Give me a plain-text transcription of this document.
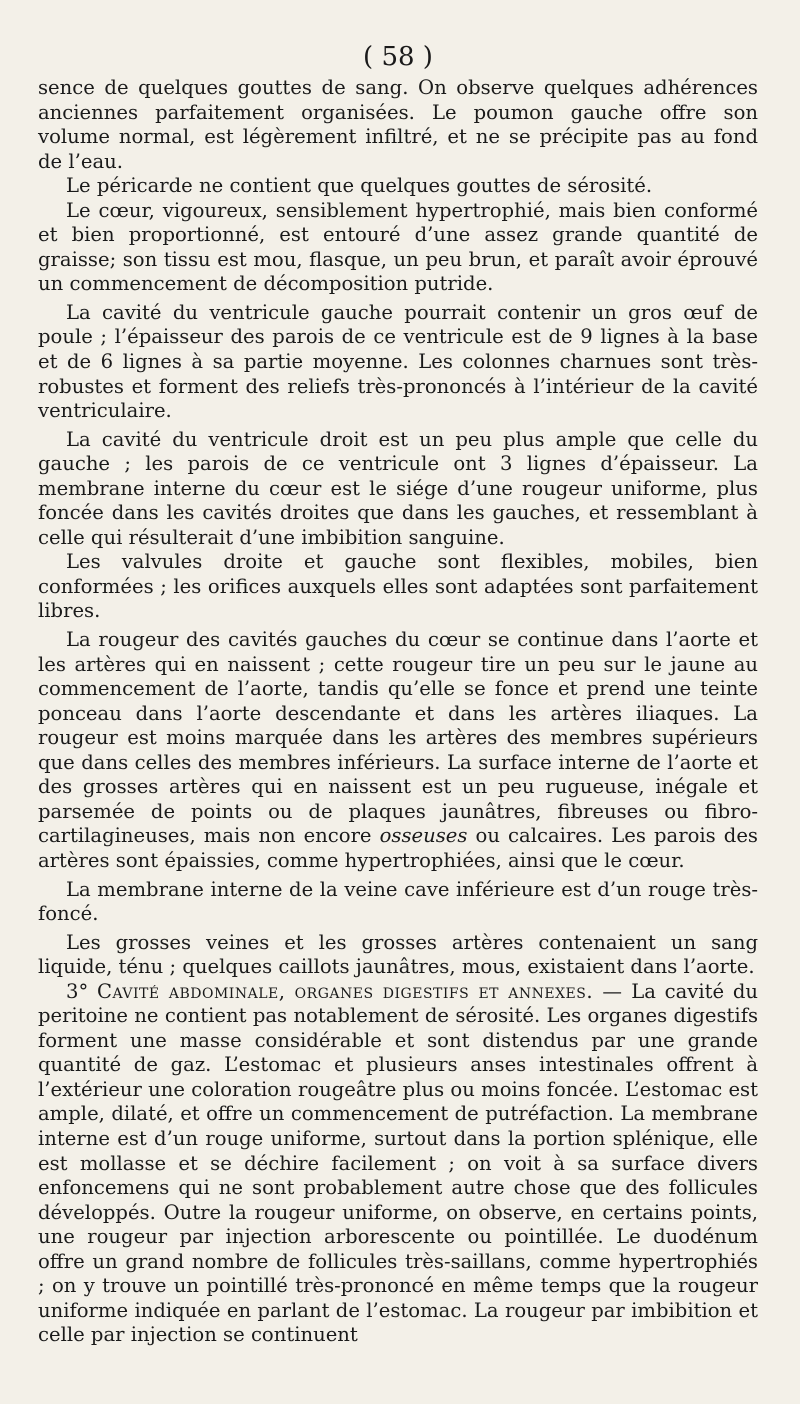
( 58 )

sence de quelques gouttes de sang. On observe quelques adhérences anciennes parfaitement organisées. Le poumon gauche offre son volume normal, est légèrement infiltré, et ne se précipite pas au fond de l’eau.

Le péricarde ne contient que quelques gouttes de sérosité.

Le cœur, vigoureux, sensiblement hypertrophié, mais bien conformé et bien proportionné, est entouré d’une assez grande quantité de graisse; son tissu est mou, flasque, un peu brun, et paraît avoir éprouvé un commencement de décomposition putride.

La cavité du ventricule gauche pourrait contenir un gros œuf de poule ; l’épaisseur des parois de ce ventricule est de 9 lignes à la base et de 6 lignes à sa partie moyenne. Les colonnes charnues sont très-robustes et forment des reliefs très-prononcés à l’intérieur de la cavité ventriculaire.

La cavité du ventricule droit est un peu plus ample que celle du gauche ; les parois de ce ventricule ont 3 lignes d’épaisseur. La membrane interne du cœur est le siége d’une rougeur uniforme, plus foncée dans les cavités droites que dans les gauches, et ressemblant à celle qui résulterait d’une imbibition sanguine.

Les valvules droite et gauche sont flexibles, mobiles, bien conformées ; les orifices auxquels elles sont adaptées sont parfaitement libres.

La rougeur des cavités gauches du cœur se continue dans l’aorte et les artères qui en naissent ; cette rougeur tire un peu sur le jaune au commencement de l’aorte, tandis qu’elle se fonce et prend une teinte ponceau dans l’aorte descendante et dans les artères iliaques. La rougeur est moins marquée dans les artères des membres supérieurs que dans celles des membres inférieurs. La surface interne de l’aorte et des grosses artères qui en naissent est un peu rugueuse, inégale et parsemée de points ou de plaques jaunâtres, fibreuses ou fibro-cartilagineuses, mais non encore osseuses ou calcaires. Les parois des artères sont épaissies, comme hypertrophiées, ainsi que le cœur.

La membrane interne de la veine cave inférieure est d’un rouge très-foncé.

Les grosses veines et les grosses artères contenaient un sang liquide, ténu ; quelques caillots jaunâtres, mous, existaient dans l’aorte.

3° Cavité abdominale, organes digestifs et annexes. — La cavité du peritoine ne contient pas notablement de sérosité. Les organes digestifs forment une masse considérable et sont distendus par une grande quantité de gaz. L’estomac et plusieurs anses intestinales offrent à l’extérieur une coloration rougeâtre plus ou moins foncée. L’estomac est ample, dilaté, et offre un commencement de putréfaction. La membrane interne est d’un rouge uniforme, surtout dans la portion splénique, elle est mollasse et se déchire facilement ; on voit à sa surface divers enfoncemens qui ne sont probablement autre chose que des follicules développés. Outre la rougeur uniforme, on observe, en certains points, une rougeur par injection arborescente ou pointillée. Le duodénum offre un grand nombre de follicules très-saillans, comme hypertrophiés ; on y trouve un pointillé très-prononcé en même temps que la rougeur uniforme indiquée en parlant de l’estomac. La rougeur par imbibition et celle par injection se continuent
